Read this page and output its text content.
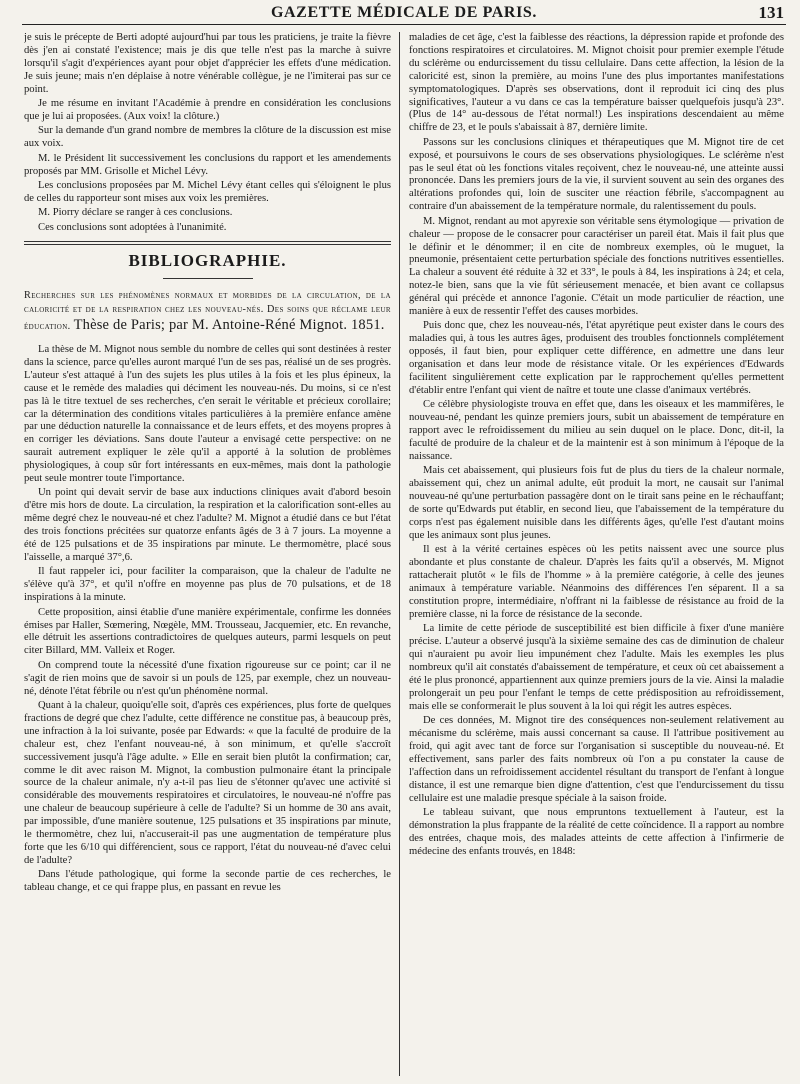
GAZETTE MÉDICALE DE PARIS.	131

je suis le précepte de Berti adopté aujourd'hui par tous les praticiens, je traite la fièvre dès j'en ai constaté l'existence; mais je dis que telle n'est pas la marche à suivre lorsqu'il s'agit d'expériences ayant pour objet d'apprécier les effets d'une médication. Je suis jeune; mais n'en déplaise à notre vénérable collègue, je ne l'imiterai pas sur ce point.

Je me résume en invitant l'Académie à prendre en considération les conclusions que je lui ai proposées. (Aux voix! la clôture.)

Sur la demande d'un grand nombre de membres la clôture de la discussion est mise aux voix.

M. le Président lit successivement les conclusions du rapport et les amendements proposés par MM. Grisolle et Michel Lévy.

Les conclusions proposées par M. Michel Lévy étant celles qui s'éloignent le plus de celles du rapporteur sont mises aux voix les premières.

M. Piorry déclare se ranger à ces conclusions.

Ces conclusions sont adoptées à l'unanimité.

BIBLIOGRAPHIE.
Recherches sur les phénomènes normaux et morbides de la circulation, de la caloricité et de la respiration chez les nouveau-nés. Des soins que réclame leur éducation. Thèse de Paris; par M. Antoine-Réné Mignot. 1851.

La thèse de M. Mignot nous semble du nombre de celles qui sont destinées à rester dans la science, parce qu'elles auront marqué l'un de ses pas, réalisé un de ses progrès. L'auteur s'est attaqué à l'un des sujets les plus utiles à la fois et les plus épineux, la cause et le remède des maladies qui déciment les nouveau-nés. Du moins, si ce n'est pas là le titre textuel de ses recherches, c'en serait le véritable et précieux corollaire; car la détermination des conditions vitales particulières à la première enfance amène par une déduction naturelle la connaissance et de leurs effets, et des moyens propres à en corriger les déviations. Sans doute l'auteur a envisagé cette perspective: on ne saurait autrement expliquer le zèle qu'il a apporté à la solution de problèmes physiologiques, à coup sûr fort intéressants en eux-mêmes, mais dont la pathologie peut seule montrer toute l'importance.

Un point qui devait servir de base aux inductions cliniques avait d'abord besoin d'être mis hors de doute. La circulation, la respiration et la calorification sont-elles au même degré chez le nouveau-né et chez l'adulte? M. Mignot a étudié dans ce but l'état des trois fonctions précitées sur quatorze enfants âgés de 3 à 7 jours. La moyenne a été de 125 pulsations et de 35 inspirations par minute. Le thermomètre, placé sous l'aisselle, a marqué 37°,6.

Il faut rappeler ici, pour faciliter la comparaison, que la chaleur de l'adulte ne s'élève qu'à 37°, et qu'il n'offre en moyenne pas plus de 70 pulsations, et de 18 inspirations à la minute.

Cette proposition, ainsi établie d'une manière expérimentale, confirme les données émises par Haller, Sœmering, Nœgèle, MM. Trousseau, Jacquemier, etc. En revanche, elle détruit les assertions contradictoires de quelques auteurs, parmi lesquels on peut citer Billard, MM. Valleix et Roger.

On comprend toute la nécessité d'une fixation rigoureuse sur ce point; car il ne s'agit de rien moins que de savoir si un pouls de 125, par exemple, chez un nouveau-né, dénote l'état fébrile ou n'est qu'un phénomène normal.

Quant à la chaleur, quoiqu'elle soit, d'après ces expériences, plus forte de quelques fractions de degré que chez l'adulte, cette différence ne constitue pas, à beaucoup près, une infraction à la loi suivante, posée par Edwards: « que la faculté de produire de la chaleur est, chez l'enfant nouveau-né, à son minimum, et qu'elle s'accroît successivement jusqu'à l'âge adulte. » Elle en serait bien plutôt la confirmation; car, comme le dit avec raison M. Mignot, la combustion pulmonaire étant la principale source de la chaleur animale, n'y a-t-il pas lieu de s'étonner qu'avec une activité si considérable des mouvements respiratoires et circulatoires, le nouveau-né n'offre pas une chaleur de beaucoup supérieure à celle de l'adulte? Si un homme de 30 ans avait, par impossible, d'une manière soutenue, 125 pulsations et 35 inspirations par minute, le thermomètre, chez lui, n'accuserait-il pas une augmentation de température plus forte que les 6/10 qui différencient, sous ce rapport, l'état du nouveau-né d'avec celui de l'adulte?

Dans l'étude pathologique, qui forme la seconde partie de ces recherches, le tableau change, et ce qui frappe plus, en passant en revue les

maladies de cet âge, c'est la faiblesse des réactions, la dépression rapide et profonde des fonctions respiratoires et circulatoires. M. Mignot choisit pour premier exemple l'étude du sclérème ou endurcissement du tissu cellulaire. Dans cette affection, la lésion de la caloricité est, sinon la première, au moins l'une des plus importantes manifestations symptomatologiques. D'après ses observations, dont il reproduit ici cinq des plus significatives, l'auteur a vu dans ce cas la température baisser quelquefois jusqu'à 23°. (Plus de 14° au-dessous de l'état normal!) Les inspirations descendaient au même chiffre de 23, et le pouls s'abaissait à 87, dernière limite.

Passons sur les conclusions cliniques et thérapeutiques que M. Mignot tire de cet exposé, et poursuivons le cours de ses observations physiologiques. Le sclérème n'est pas le seul état où les fonctions vitales reçoivent, chez le nouveau-né, une atteinte aussi prononcée. Dans les premiers jours de la vie, il survient souvent au sein des organes des altérations profondes qui, loin de susciter une réaction fébrile, s'accompagnent au contraire d'un abaissement de la température normale, du ralentissement du pouls.

M. Mignot, rendant au mot apyrexie son véritable sens étymologique — privation de chaleur — propose de le consacrer pour caractériser un pareil état. Mais il fait plus que le définir et le dénommer; il en cite de nombreux exemples, où le muguet, la pneumonie, présentaient cette perturbation spéciale des fonctions nutritives essentielles. La chaleur a souvent été réduite à 32 et 33°, le pouls à 84, les inspirations à 24; et cela, notez-le bien, sans que la vie fût sérieusement menacée, et bien avant ce collapsus général qui précède et annonce l'agonie. C'était un mode particulier de réaction, une manière à eux de ressentir l'effet des causes morbides.

Puis donc que, chez les nouveau-nés, l'état apyrétique peut exister dans le cours des maladies qui, à tous les autres âges, produisent des troubles fonctionnels complétement opposés, il faut bien, pour expliquer cette différence, en admettre une dans leur organisation et dans leur mode de résistance vitale. Or les expériences d'Edwards facilitent singulièrement cette explication par le rapprochement qu'elles permettent d'établir entre l'enfant qui vient de naître et toute une classe d'animaux vertébrés.

Ce célèbre physiologiste trouva en effet que, dans les oiseaux et les mammifères, le nouveau-né, pendant les quinze premiers jours, subit un abaissement de température en rapport avec le refroidissement du milieu au sein duquel on le place. Donc, dit-il, la faculté de produire de la chaleur et de la maintenir est à son minimum à l'époque de la naissance.

Mais cet abaissement, qui plusieurs fois fut de plus du tiers de la chaleur normale, abaissement qui, chez un animal adulte, eût produit la mort, ne causait sur l'animal nouveau-né qu'une perturbation passagère dont on le tirait sans peine en le réchauffant; de sorte qu'Edwards put établir, en second lieu, que l'abaissement de la température du corps n'est pas également nuisible dans les différents âges, qu'elle l'est d'autant moins que les animaux sont plus jeunes.

Il est à la vérité certaines espèces où les petits naissent avec une source plus abondante et plus constante de chaleur. D'après les faits qu'il a observés, M. Mignot rattacherait plutôt « le fils de l'homme » à la première catégorie, à celle des jeunes animaux à température variable. Néanmoins des différences l'en séparent. Il a sa constitution propre, intermédiaire, n'offrant ni la faiblesse de résistance au froid de la première classe, ni la force de résistance de la seconde.

La limite de cette période de susceptibilité est bien difficile à fixer d'une manière précise. L'auteur a observé jusqu'à la sixième semaine des cas de diminution de chaleur qui n'auraient pu avoir lieu impunément chez l'adulte. Mais les exemples les plus nombreux qu'il ait constatés d'abaissement de température, et ceux où cet abaissement a été le plus prononcé, appartiennent aux quinze premiers jours de la vie. Ainsi la maladie prolongerait un peu pour l'enfant le temps de cette prédisposition au refroidissement, mais elle se conformerait le plus souvent à la loi qui régit les autres espèces.

De ces données, M. Mignot tire des conséquences non-seulement relativement au mécanisme du sclérème, mais aussi concernant sa cause. Il l'attribue positivement au froid, qui agit avec tant de force sur l'organisation si susceptible du nouveau-né. Et effectivement, sans parler des faits nombreux où l'on a pu constater la cause de l'affection dans un refroidissement accidentel résultant du transport de l'enfant à longue distance, il est une remarque bien digne d'attention, c'est que l'endurcissement du tissu cellulaire est une maladie presque spéciale à la saison froide.

Le tableau suivant, que nous empruntons textuellement à l'auteur, est la démonstration la plus frappante de la réalité de cette coïncidence. Il a rapport au nombre des entrées, chaque mois, des malades atteints de cette affection à l'infirmerie de médecine des enfants trouvés, en 1848:
